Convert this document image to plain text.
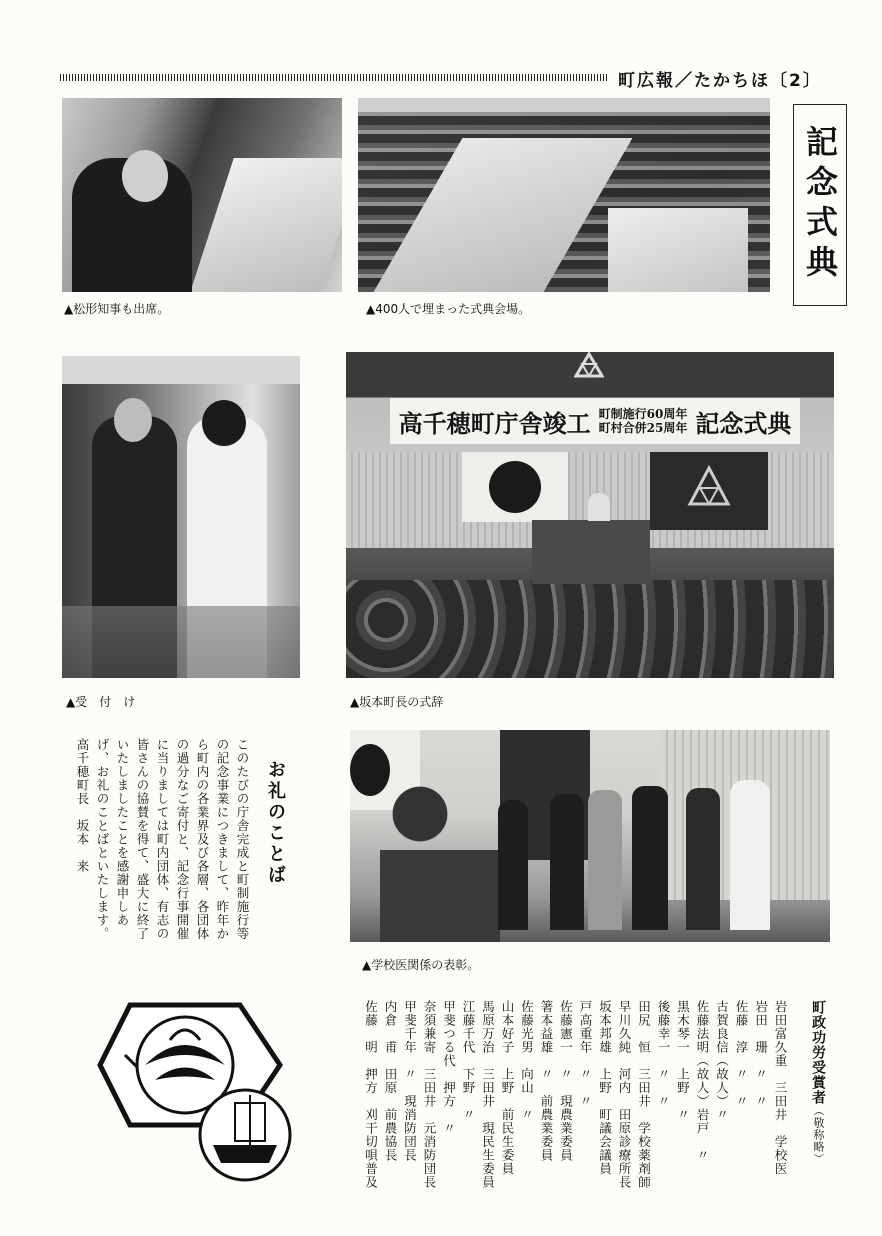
町広報／たかちほ〔2〕
▲松形知事も出席。	▲400人で埋まった式典会場。
記念式典
▲受　付　け
高千穂町庁舎竣工 町制施行60周年
町村合併25周年 記念式典
▲坂本町長の式辞
▲学校医関係の表彰。
お礼のことば
このたびの庁舎完成と町制施行等の記念事業につきまして、昨年から町内の各業界及び各層、各団体の過分なご寄付と、記念行事開催に当りましては町内団体、有志の皆さんの協賛を得て、盛大に終了いたしましたことを感謝申しあげ、お礼のことばといたします。
高千穂町長　坂本　来
町政功労受賞者（敬称略）
岩田富久重　三田井　学校医
岩田　珊　〃　〃
佐藤　淳　〃　〃
古賀良信（故人）〃
佐藤法明（故人）岩戸　〃
黒木琴一　上野　〃
後藤幸一　〃　〃
田尻　恒　三田井　学校薬剤師
早川久純　河内　田原診療所長
坂本邦雄　上野　町議会議員
戸高重年　〃　〃
佐藤憲一　〃　現農業委員
箸本益雄　〃　前農業委員
佐藤光男　向山　〃
山本好子　上野　前民生委員
馬原万治　三田井　現民生委員
江藤千代　下野　〃
甲斐つる代　押方　〃
奈須兼寄　三田井　元消防団長
甲斐千年　〃　現消防団長
内倉　甫　田原　前農協長
佐藤　明　押方　刈干切唄普及
